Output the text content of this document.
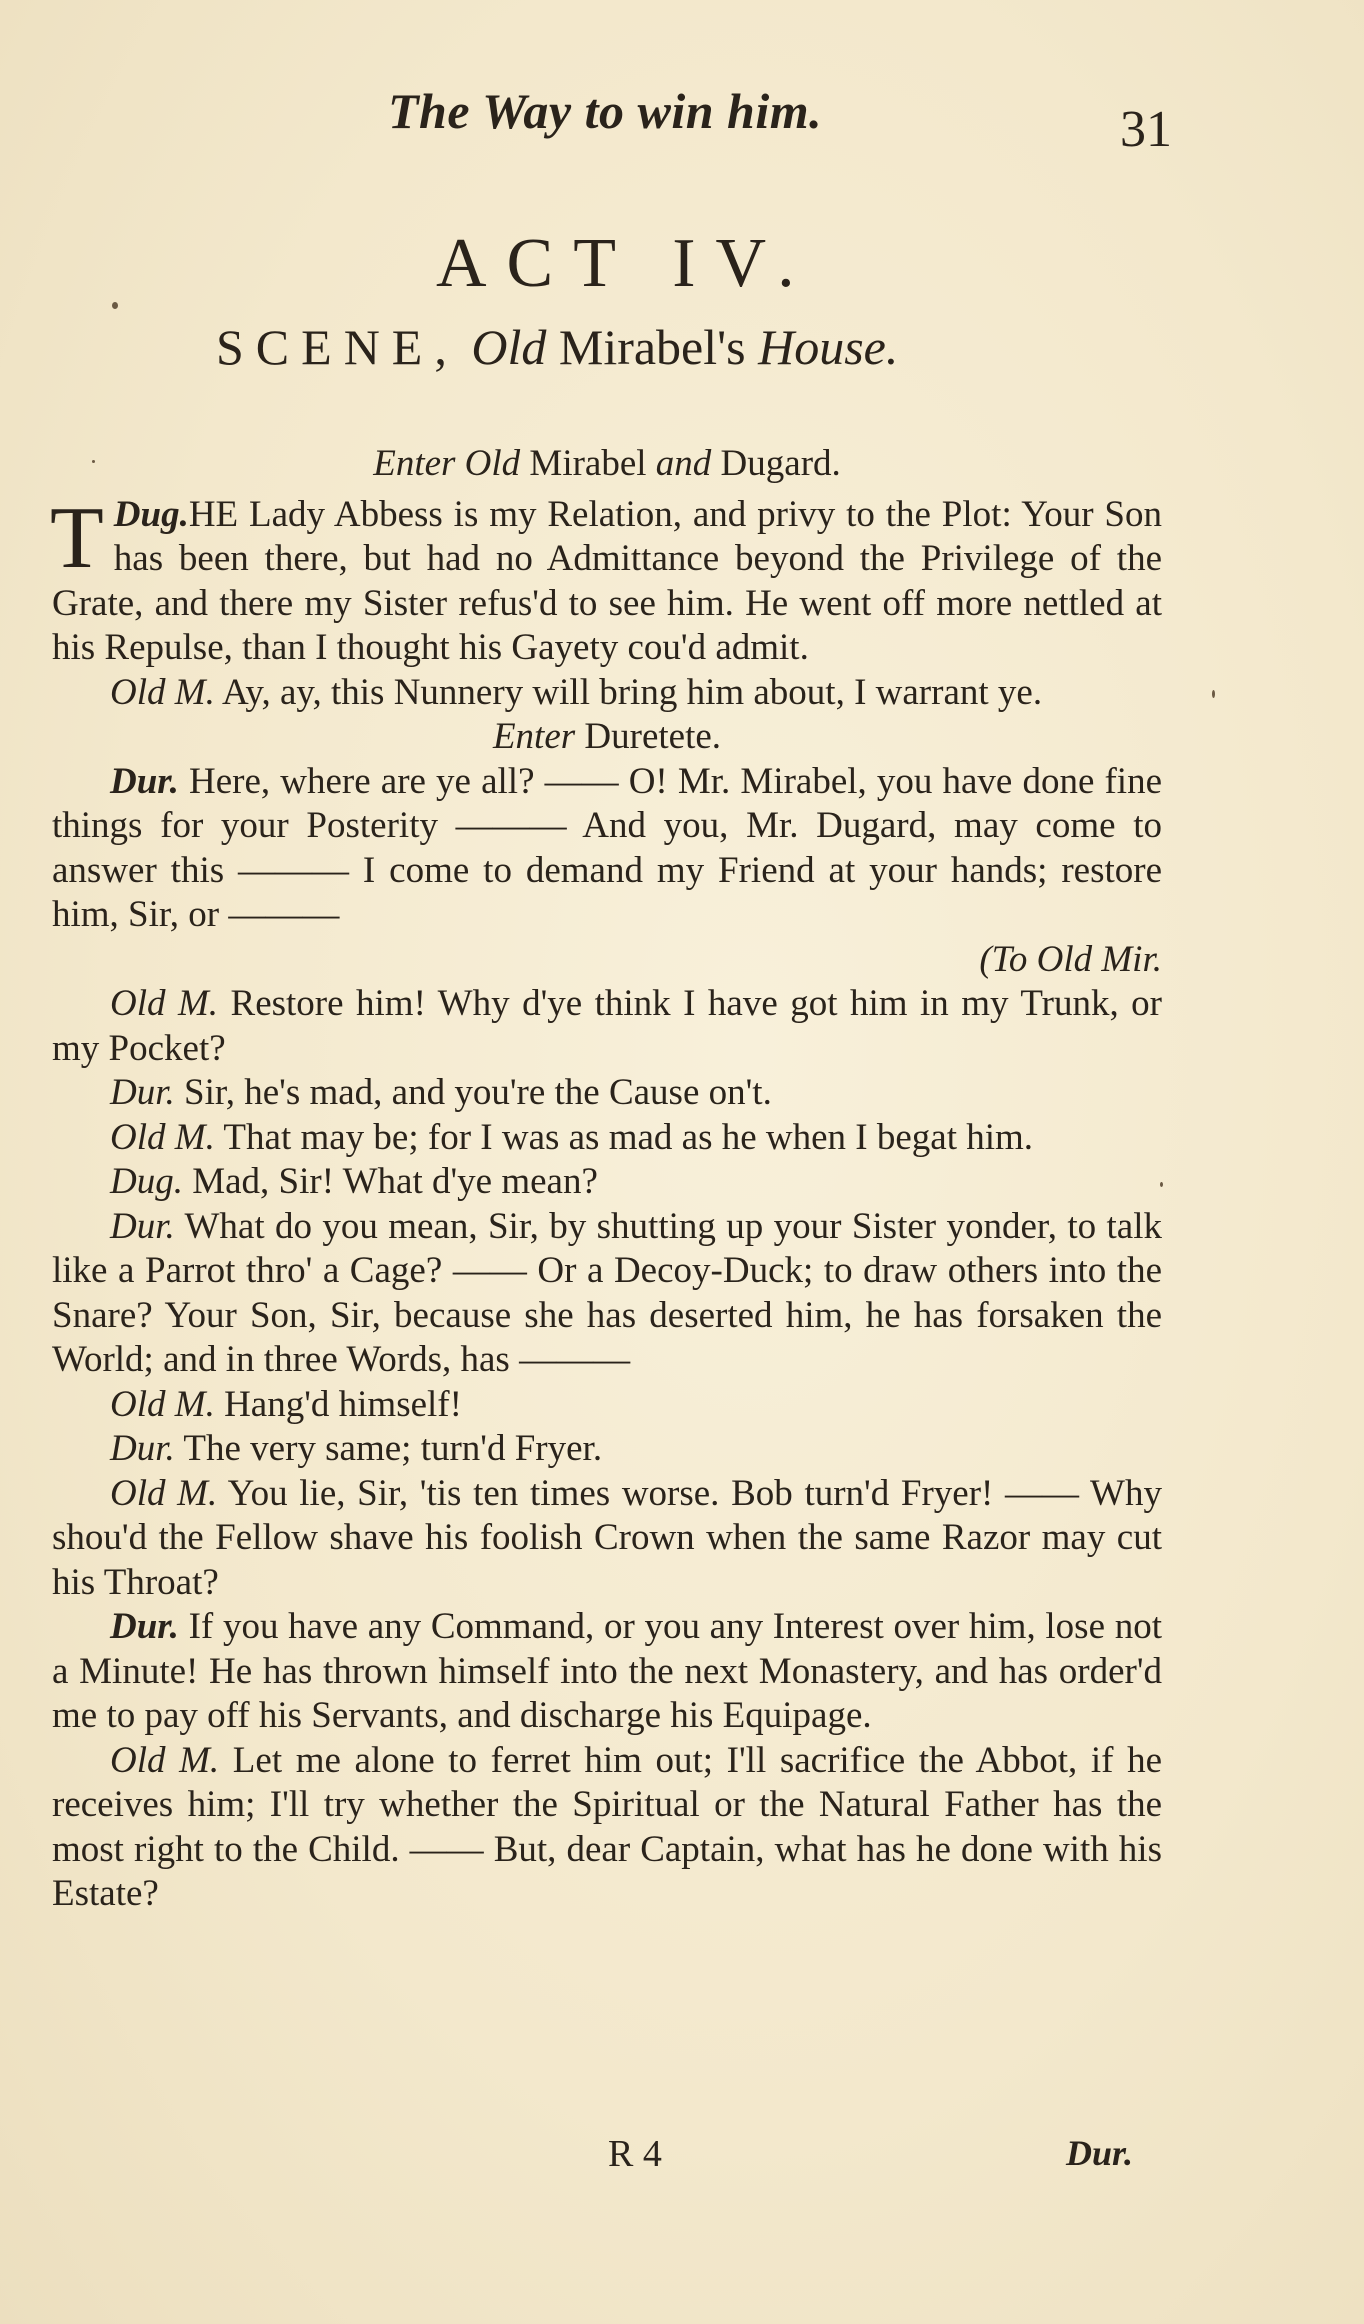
The Way to win him.	31
ACT IV.
SCENE, Old Mirabel's House.

Enter Old Mirabel and Dugard.

Dug.
T HE Lady Abbess is my Relation, and privy to the Plot: Your Son has been there, but had no Admittance beyond the Privilege of the Grate, and there my Sister refus'd to see him. He went off more nettled at his Repulse, than I thought his Gayety cou'd admit.

Old M. Ay, ay, this Nunnery will bring him about, I warrant ye.

Enter Duretete.

Dur. Here, where are ye all? —— O! Mr. Mirabel, you have done fine things for your Posterity ——— And you, Mr. Dugard, may come to answer this ——— I come to demand my Friend at your hands; restore him, Sir, or ———

(To Old Mir.

Old M. Restore him! Why d'ye think I have got him in my Trunk, or my Pocket?

Dur. Sir, he's mad, and you're the Cause on't.

Old M. That may be; for I was as mad as he when I begat him.

Dug. Mad, Sir! What d'ye mean?

Dur. What do you mean, Sir, by shutting up your Sister yonder, to talk like a Parrot thro' a Cage? —— Or a Decoy-Duck; to draw others into the Snare? Your Son, Sir, because she has deserted him, he has forsaken the World; and in three Words, has ———

Old M. Hang'd himself!

Dur. The very same; turn'd Fryer.

Old M. You lie, Sir, 'tis ten times worse. Bob turn'd Fryer! —— Why shou'd the Fellow shave his foolish Crown when the same Razor may cut his Throat?

Dur. If you have any Command, or you any Interest over him, lose not a Minute! He has thrown himself into the next Monastery, and has order'd me to pay off his Servants, and discharge his Equipage.

Old M. Let me alone to ferret him out; I'll sacrifice the Abbot, if he receives him; I'll try whether the Spiritual or the Natural Father has the most right to the Child. —— But, dear Captain, what has he done with his Estate?

R 4	Dur.
